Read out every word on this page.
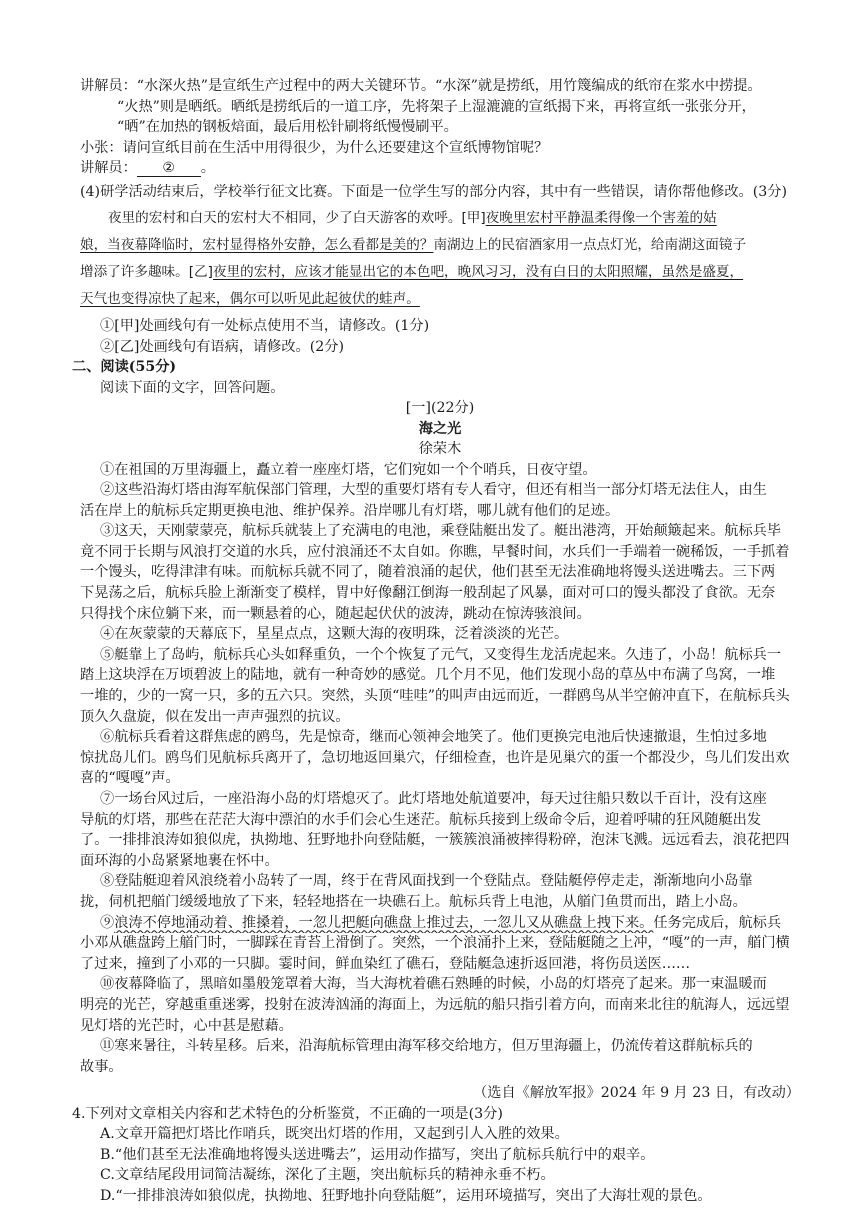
讲解员：“水深火热”是宣纸生产过程中的两大关键环节。“水深”就是捞纸，用竹篾编成的纸帘在浆水中捞提。

“火热”则是晒纸。晒纸是捞纸后的一道工序，先将架子上湿漉漉的宣纸揭下来，再将宣纸一张张分开，

“晒”在加热的钢板焙面，最后用松针刷将纸慢慢刷平。

小张：请问宣纸目前在生活中用得很少，为什么还要建这个宣纸博物馆呢？

讲解员： ② 。

(4)研学活动结束后，学校举行征文比赛。下面是一位学生写的部分内容，其中有一些错误，请你帮他修改。(3分)

夜里的宏村和白天的宏村大不相同，少了白天游客的欢呼。[甲]夜晚里宏村平静温柔得像一个害羞的姑

娘，当夜幕降临时，宏村显得格外安静，怎么看都是美的？南湖边上的民宿酒家用一点点灯光，给南湖这面镜子

增添了许多趣味。[乙]夜里的宏村，应该才能显出它的本色吧，晚风习习，没有白日的太阳照耀，虽然是盛夏，

天气也变得凉快了起来，偶尔可以听见此起彼伏的蛙声。

①[甲]处画线句有一处标点使用不当，请修改。(1分)

②[乙]处画线句有语病，请修改。(2分)

二、阅读(55分)

阅读下面的文字，回答问题。

[一](22分)

海之光

徐荣木

①在祖国的万里海疆上，矗立着一座座灯塔，它们宛如一个个哨兵，日夜守望。

②这些沿海灯塔由海军航保部门管理，大型的重要灯塔有专人看守，但还有相当一部分灯塔无法住人，由生

活在岸上的航标兵定期更换电池、维护保养。沿岸哪儿有灯塔，哪儿就有他们的足迹。

③这天，天刚蒙蒙亮，航标兵就装上了充满电的电池，乘登陆艇出发了。艇出港湾，开始颠簸起来。航标兵毕

竟不同于长期与风浪打交道的水兵，应付浪涌还不太自如。你瞧，早餐时间，水兵们一手端着一碗稀饭，一手抓着

一个馒头，吃得津津有味。而航标兵就不同了，随着浪涌的起伏，他们甚至无法准确地将馒头送进嘴去。三下两

下晃荡之后，航标兵脸上渐渐变了模样，胃中好像翻江倒海一般刮起了风暴，面对可口的馒头都没了食欲。无奈

只得找个床位躺下来，而一颗悬着的心，随起起伏伏的波涛，跳动在惊涛骇浪间。

④在灰蒙蒙的天幕底下，星星点点，这颗大海的夜明珠，泛着淡淡的光芒。

⑤艇靠上了岛屿，航标兵心头如释重负，一个个恢复了元气，又变得生龙活虎起来。久违了，小岛！航标兵一

踏上这块浮在万顷碧波上的陆地，就有一种奇妙的感觉。几个月不见，他们发现小岛的草丛中布满了鸟窝，一堆

一堆的，少的一窝一只，多的五六只。突然，头顶“哇哇”的叫声由远而近，一群鸥鸟从半空俯冲直下，在航标兵头

顶久久盘旋，似在发出一声声强烈的抗议。

⑥航标兵看着这群焦虑的鸥鸟，先是惊奇，继而心领神会地笑了。他们更换完电池后快速撤退，生怕过多地

惊扰岛儿们。鸥鸟们见航标兵离开了，急切地返回巢穴，仔细检查，也许是见巢穴的蛋一个都没少，鸟儿们发出欢

喜的“嘎嘎”声。

⑦一场台风过后，一座沿海小岛的灯塔熄灭了。此灯塔地处航道要冲，每天过往船只数以千百计，没有这座

导航的灯塔，那些在茫茫大海中漂泊的水手们会心生迷茫。航标兵接到上级命令后，迎着呼啸的狂风随艇出发

了。一排排浪涛如狼似虎，执拗地、狂野地扑向登陆艇，一簇簇浪涌被摔得粉碎，泡沫飞溅。远远看去，浪花把四

面环海的小岛紧紧地裹在怀中。

⑧登陆艇迎着风浪绕着小岛转了一周，终于在背风面找到一个登陆点。登陆艇停停走走，渐渐地向小岛靠

拢，伺机把艏门缓缓地放了下来，轻轻地搭在一块礁石上。航标兵背上电池，从艏门鱼贯而出，踏上小岛。

⑨浪涛不停地涌动着、推搡着，一忽儿把艇向礁盘上推过去，一忽儿又从礁盘上拽下来。任务完成后，航标兵

小邓从礁盘跨上艏门时，一脚踩在青苔上滑倒了。突然，一个浪涌扑上来，登陆艇随之上冲，“嘎”的一声，艏门横

了过来，撞到了小邓的一只脚。霎时间，鲜血染红了礁石，登陆艇急速折返回港，将伤员送医……

⑩夜幕降临了，黑暗如墨般笼罩着大海，当大海枕着礁石熟睡的时候，小岛的灯塔亮了起来。那一束温暖而

明亮的光芒，穿越重重迷雾，投射在波涛汹涌的海面上，为远航的船只指引着方向，而南来北往的航海人，远远望

见灯塔的光芒时，心中甚是慰藉。

⑪寒来暑往，斗转星移。后来，沿海航标管理由海军移交给地方，但万里海疆上，仍流传着这群航标兵的

故事。

（选自《解放军报》2024 年 9 月 23 日，有改动）

4.下列对文章相关内容和艺术特色的分析鉴赏，不正确的一项是(3分)

A.文章开篇把灯塔比作哨兵，既突出灯塔的作用，又起到引人入胜的效果。

B.“他们甚至无法准确地将馒头送进嘴去”，运用动作描写，突出了航标兵航行中的艰辛。

C.文章结尾段用词简洁凝练，深化了主题，突出航标兵的精神永垂不朽。

D.“一排排浪涛如狼似虎，执拗地、狂野地扑向登陆艇”，运用环境描写，突出了大海壮观的景色。
